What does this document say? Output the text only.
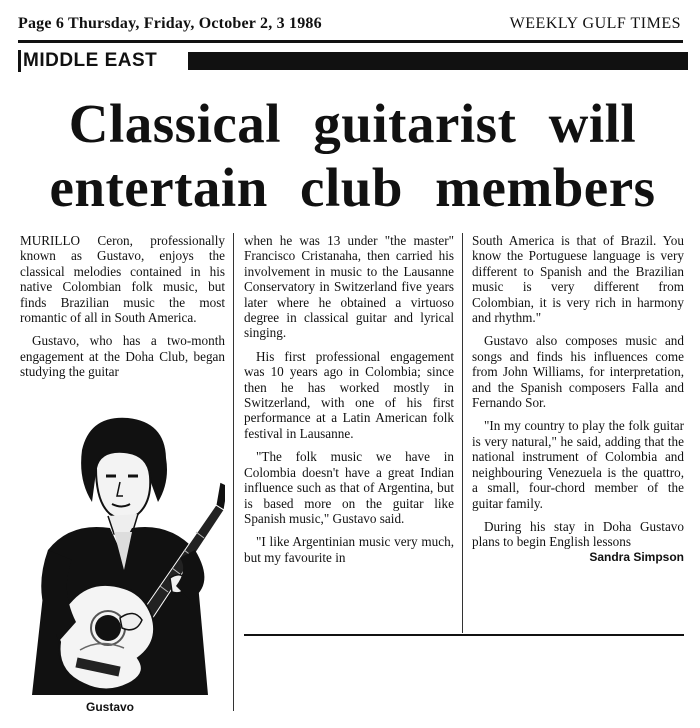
Page 6 Thursday, Friday, October 2, 3 1986	WEEKLY GULF TIMES
MIDDLE EAST
Classical guitarist will
entertain club members

MURILLO Ceron, professionally known as Gustavo, enjoys the classical melodies contained in his native Colombian folk music, but finds Brazilian music the most romantic of all in South America.

Gustavo, who has a two-month engagement at the Doha Club, began studying the guitar

Gustavo

when he was 13 under "the master" Francisco Cristanaha, then carried his involvement in music to the Lausanne Conservatory in Switzerland five years later where he obtained a virtuoso degree in classical guitar and lyrical singing.

His first professional engagement was 10 years ago in Colombia; since then he has worked mostly in Switzerland, with one of his first performance at a Latin American folk festival in Lausanne.

"The folk music we have in Colombia doesn't have a great Indian influence such as that of Argentina, but is based more on the guitar like Spanish music," Gustavo said.

"I like Argentinian music very much, but my favourite in

South America is that of Brazil. You know the Portuguese language is very different to Spanish and the Brazilian music is very different from Colombian, it is very rich in harmony and rhythm."

Gustavo also composes music and songs and finds his influences come from John Williams, for interpretation, and the Spanish composers Falla and Fernando Sor.

"In my country to play the folk guitar is very natural," he said, adding that the national instrument of Colombia and neighbouring Venezuela is the quattro, a small, four-chord member of the guitar family.

During his stay in Doha Gustavo plans to begin English lessons
Sandra Simpson
